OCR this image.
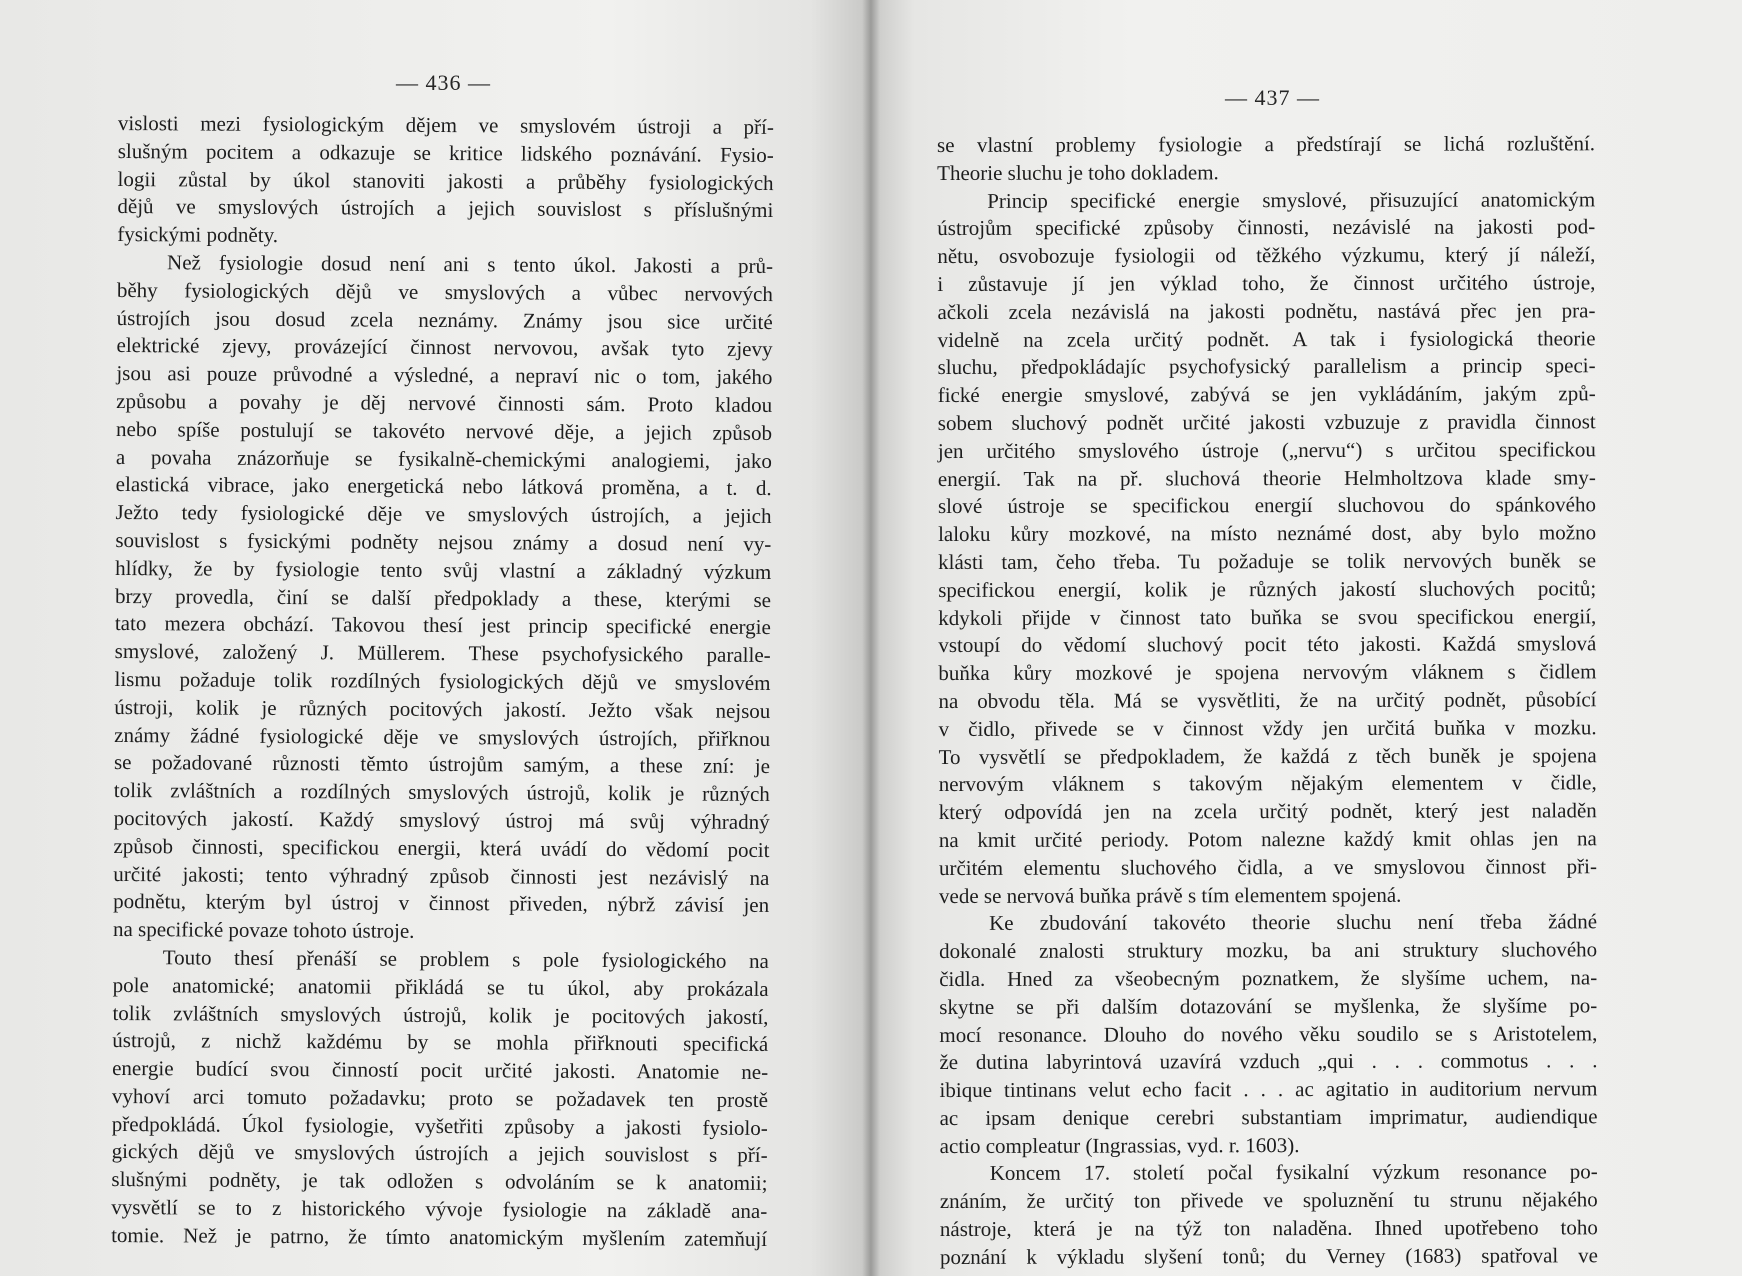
— 436 —
vislosti mezi fysiologickým dějem ve smyslovém ústroji a pří-
slušným pocitem a odkazuje se kritice lidského poznávání. Fysio-
logii zůstal by úkol stanoviti jakosti a průběhy fysiologických
dějů ve smyslových ústrojích a jejich souvislost s příslušnými
fysickými podněty.
Než fysiologie dosud není ani s tento úkol. Jakosti a prů-
běhy fysiologických dějů ve smyslových a vůbec nervových
ústrojích jsou dosud zcela neznámy. Známy jsou sice určité
elektrické zjevy, provázející činnost nervovou, avšak tyto zjevy
jsou asi pouze průvodné a výsledné, a nepraví nic o tom, jakého
způsobu a povahy je děj nervové činnosti sám. Proto kladou
nebo spíše postulují se takovéto nervové děje, a jejich způsob
a povaha znázorňuje se fysikalně-chemickými analogiemi, jako
elastická vibrace, jako energetická nebo látková proměna, a t. d.
Ježto tedy fysiologické děje ve smyslových ústrojích, a jejich
souvislost s fysickými podněty nejsou známy a dosud není vy-
hlídky, že by fysiologie tento svůj vlastní a základný výzkum
brzy provedla, činí se další předpoklady a these, kterými se
tato mezera obchází. Takovou thesí jest princip specifické energie
smyslové, založený J. Müllerem. These psychofysického paralle-
lismu požaduje tolik rozdílných fysiologických dějů ve smyslovém
ústroji, kolik je různých pocitových jakostí. Ježto však nejsou
známy žádné fysiologické děje ve smyslových ústrojích, přiřknou
se požadované různosti těmto ústrojům samým, a these zní: je
tolik zvláštních a rozdílných smyslových ústrojů, kolik je různých
pocitových jakostí. Každý smyslový ústroj má svůj výhradný
způsob činnosti, specifickou energii, která uvádí do vědomí pocit
určité jakosti; tento výhradný způsob činnosti jest nezávislý na
podnětu, kterým byl ústroj v činnost přiveden, nýbrž závisí jen
na specifické povaze tohoto ústroje.
Touto thesí přenáší se problem s pole fysiologického na
pole anatomické; anatomii přikládá se tu úkol, aby prokázala
tolik zvláštních smyslových ústrojů, kolik je pocitových jakostí,
ústrojů, z nichž každému by se mohla přiřknouti specifická
energie budící svou činností pocit určité jakosti. Anatomie ne-
vyhoví arci tomuto požadavku; proto se požadavek ten prostě
předpokládá. Úkol fysiologie, vyšetřiti způsoby a jakosti fysiolo-
gických dějů ve smyslových ústrojích a jejich souvislost s pří-
slušnými podněty, je tak odložen s odvoláním se k anatomii;
vysvětlí se to z historického vývoje fysiologie na základě ana-
tomie. Než je patrno, že tímto anatomickým myšlením zatemňují
— 437 —
se vlastní problemy fysiologie a předstírají se lichá rozluštění.
Theorie sluchu je toho dokladem.
Princip specifické energie smyslové, přisuzující anatomickým
ústrojům specifické způsoby činnosti, nezávislé na jakosti pod-
nětu, osvobozuje fysiologii od těžkého výzkumu, který jí náleží,
i zůstavuje jí jen výklad toho, že činnost určitého ústroje,
ačkoli zcela nezávislá na jakosti podnětu, nastává přec jen pra-
videlně na zcela určitý podnět. A tak i fysiologická theorie
sluchu, předpokládajíc psychofysický parallelism a princip speci-
fické energie smyslové, zabývá se jen vykládáním, jakým způ-
sobem sluchový podnět určité jakosti vzbuzuje z pravidla činnost
jen určitého smyslového ústroje („nervu“) s určitou specifickou
energií. Tak na př. sluchová theorie Helmholtzova klade smy-
slové ústroje se specifickou energií sluchovou do spánkového
laloku kůry mozkové, na místo neznámé dost, aby bylo možno
klásti tam, čeho třeba. Tu požaduje se tolik nervových buněk se
specifickou energií, kolik je různých jakostí sluchových pocitů;
kdykoli přijde v činnost tato buňka se svou specifickou energií,
vstoupí do vědomí sluchový pocit této jakosti. Každá smyslová
buňka kůry mozkové je spojena nervovým vláknem s čidlem
na obvodu těla. Má se vysvětliti, že na určitý podnět, působící
v čidlo, přivede se v činnost vždy jen určitá buňka v mozku.
To vysvětlí se předpokladem, že každá z těch buněk je spojena
nervovým vláknem s takovým nějakým elementem v čidle,
který odpovídá jen na zcela určitý podnět, který jest naladěn
na kmit určité periody. Potom nalezne každý kmit ohlas jen na
určitém elementu sluchového čidla, a ve smyslovou činnost při-
vede se nervová buňka právě s tím elementem spojená.
Ke zbudování takovéto theorie sluchu není třeba žádné
dokonalé znalosti struktury mozku, ba ani struktury sluchového
čidla. Hned za všeobecným poznatkem, že slyšíme uchem, na-
skytne se při dalším dotazování se myšlenka, že slyšíme po-
mocí resonance. Dlouho do nového věku soudilo se s Aristotelem,
že dutina labyrintová uzavírá vzduch „qui . . . commotus . . .
ibique tintinans velut echo facit . . . ac agitatio in auditorium nervum
ac ipsam denique cerebri substantiam imprimatur, audiendique
actio compleatur (Ingrassias, vyd. r. 1603).
Koncem 17. století počal fysikalní výzkum resonance po-
znáním, že určitý ton přivede ve spoluznění tu strunu nějakého
nástroje, která je na týž ton naladěna. Ihned upotřebeno toho
poznání k výkladu slyšení tonů; du Verney (1683) spatřoval ve
